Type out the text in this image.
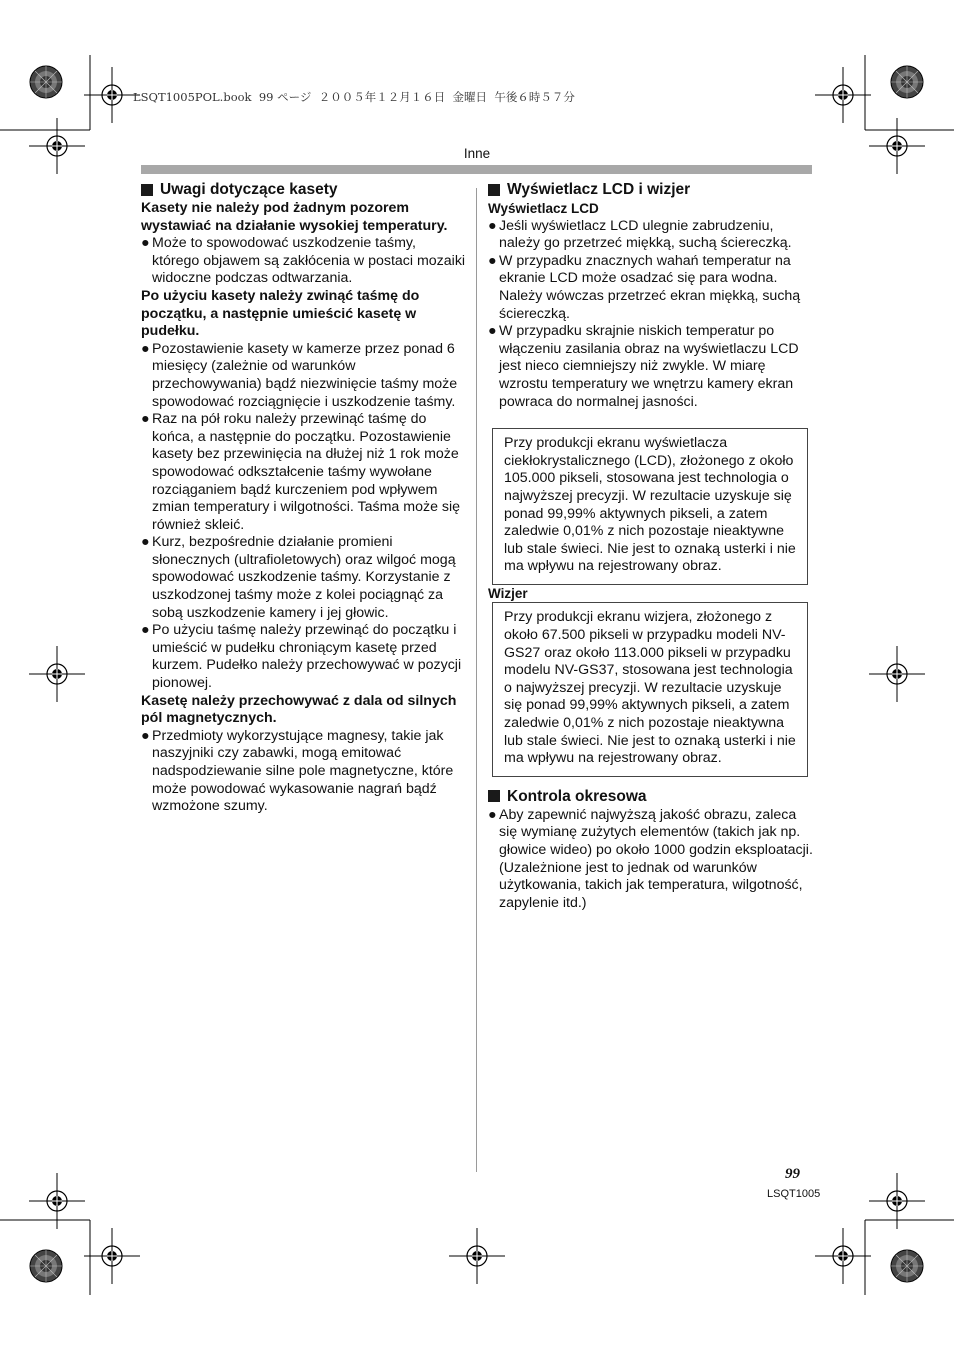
LSQT1005POL.book  99 ページ  ２００５年１２月１６日  金曜日  午後６時５７分
Inne
Uwagi dotyczące kasety

Kasety nie należy pod żadnym pozorem wystawiać na działanie wysokiej temperatury.

● Może to spowodować uszkodzenie taśmy, którego objawem są zakłócenia w postaci mozaiki widoczne podczas odtwarzania.

Po użyciu kasety należy zwinąć taśmę do początku, a następnie umieścić kasetę w pudełku.

● Pozostawienie kasety w kamerze przez ponad 6 miesięcy (zależnie od warunków przechowywania) bądź niezwinięcie taśmy może spowodować rozciągnięcie i uszkodzenie taśmy.

● Raz na pół roku należy przewinąć taśmę do końca, a następnie do początku. Pozostawienie kasety bez przewinięcia na dłużej niż 1 rok może spowodować odkształcenie taśmy wywołane rozciąganiem bądź kurczeniem pod wpływem zmian temperatury i wilgotności. Taśma może się również skleić.

● Kurz, bezpośrednie działanie promieni słonecznych (ultrafioletowych) oraz wilgoć mogą spowodować uszkodzenie taśmy. Korzystanie z uszkodzonej taśmy może z kolei pociągnąć za sobą uszkodzenie kamery i jej głowic.

● Po użyciu taśmę należy przewinąć do początku i umieścić w pudełku chroniącym kasetę przed kurzem. Pudełko należy przechowywać w pozycji pionowej.

Kasetę należy przechowywać z dala od silnych pól magnetycznych.

● Przedmioty wykorzystujące magnesy, takie jak naszyjniki czy zabawki, mogą emitować nadspodziewanie silne pole magnetyczne, które może powodować wykasowanie nagrań bądź wzmożone szumy.

Wyświetlacz LCD i wizjer

Wyświetlacz LCD

● Jeśli wyświetlacz LCD ulegnie zabrudzeniu, należy go przetrzeć miękką, suchą ściereczką.

● W przypadku znacznych wahań temperatur na ekranie LCD może osadzać się para wodna. Należy wówczas przetrzeć ekran miękką, suchą ściereczką.

● W przypadku skrajnie niskich temperatur po włączeniu zasilania obraz na wyświetlaczu LCD jest nieco ciemniejszy niż zwykle. W miarę wzrostu temperatury we wnętrzu kamery ekran powraca do normalnej jasności.

Przy produkcji ekranu wyświetlacza ciekłokrystalicznego (LCD), złożonego z około 105.000 pikseli, stosowana jest technologia o najwyższej precyzji. W rezultacie uzyskuje się ponad 99,99% aktywnych pikseli, a zatem zaledwie 0,01% z nich pozostaje nieaktywne lub stale świeci. Nie jest to oznaką usterki i nie ma wpływu na rejestrowany obraz.

Wizjer

Przy produkcji ekranu wizjera, złożonego z około 67.500 pikseli w przypadku modeli NV-GS27 oraz około 113.000 pikseli w przypadku modelu NV-GS37, stosowana jest technologia o najwyższej precyzji. W rezultacie uzyskuje się ponad 99,99% aktywnych pikseli, a zatem zaledwie 0,01% z nich pozostaje nieaktywna lub stale świeci. Nie jest to oznaką usterki i nie ma wpływu na rejestrowany obraz.
Kontrola okresowa

● Aby zapewnić najwyższą jakość obrazu, zaleca się wymianę zużytych elementów (takich jak np. głowice wideo) po około 1000 godzin eksploatacji. (Uzależnione jest to jednak od warunków użytkowania, takich jak temperatura, wilgotność, zapylenie itd.)

99
LSQT1005
